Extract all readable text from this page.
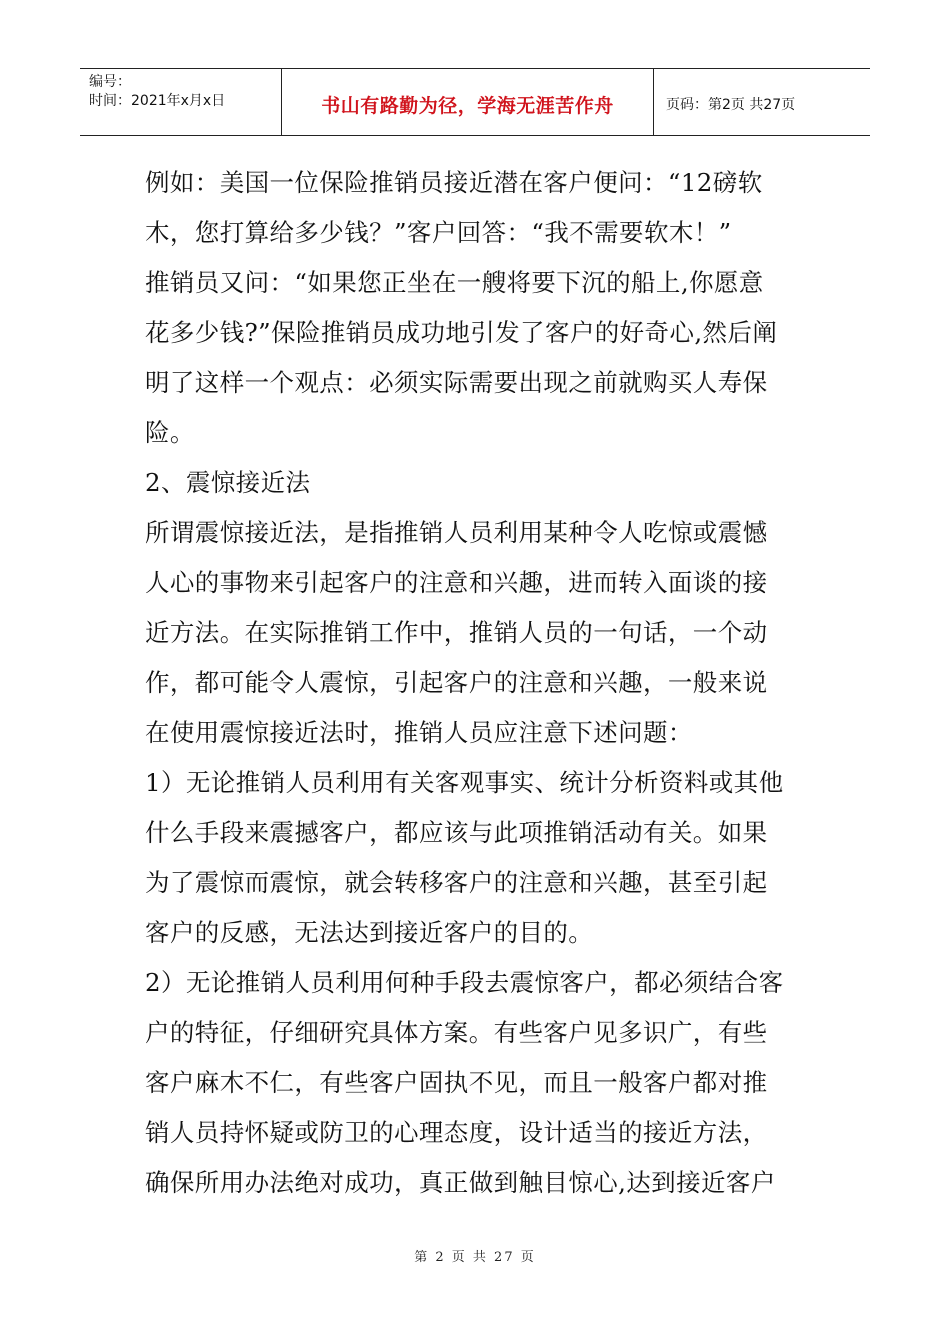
编号：
时间：2021年x月x日	书山有路勤为径，学海无涯苦作舟	页码：第2页 共27页
例如：美国一位保险推销员接近潜在客户便问：“12磅软
木，您打算给多少钱？”客户回答：“我不需要软木！”
推销员又问：“如果您正坐在一艘将要下沉的船上,你愿意
花多少钱?”保险推销员成功地引发了客户的好奇心,然后阐
明了这样一个观点：必须实际需要出现之前就购买人寿保
险。
2、震惊接近法
所谓震惊接近法，是指推销人员利用某种令人吃惊或震憾
人心的事物来引起客户的注意和兴趣，进而转入面谈的接
近方法。在实际推销工作中，推销人员的一句话，一个动
作，都可能令人震惊，引起客户的注意和兴趣，一般来说
在使用震惊接近法时，推销人员应注意下述问题：
1）无论推销人员利用有关客观事实、统计分析资料或其他
什么手段来震撼客户，都应该与此项推销活动有关。如果
为了震惊而震惊，就会转移客户的注意和兴趣，甚至引起
客户的反感，无法达到接近客户的目的。
2）无论推销人员利用何种手段去震惊客户，都必须结合客
户的特征，仔细研究具体方案。有些客户见多识广，有些
客户麻木不仁，有些客户固执不见，而且一般客户都对推
销人员持怀疑或防卫的心理态度，设计适当的接近方法，
确保所用办法绝对成功，真正做到触目惊心,达到接近客户
第 2 页 共 27 页
